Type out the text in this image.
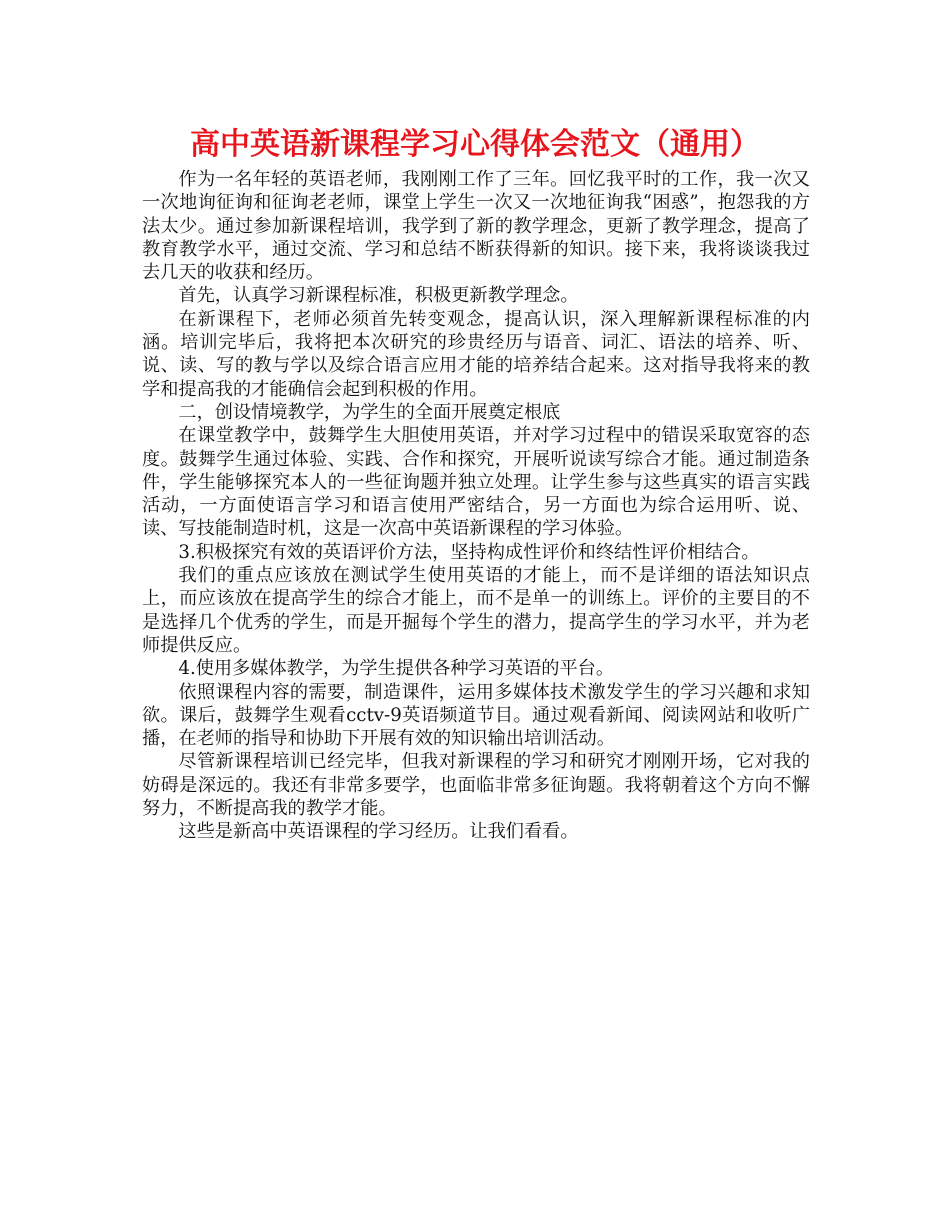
高中英语新课程学习心得体会范文（通用）

作为一名年轻的英语老师，我刚刚工作了三年。回忆我平时的工作，我一次又一次地询征询和征询老老师，课堂上学生一次又一次地征询我“困惑”，抱怨我的方法太少。通过参加新课程培训，我学到了新的教学理念，更新了教学理念，提高了教育教学水平，通过交流、学习和总结不断获得新的知识。接下来，我将谈谈我过去几天的收获和经历。

首先，认真学习新课程标准，积极更新教学理念。

在新课程下，老师必须首先转变观念，提高认识，深入理解新课程标准的内涵。培训完毕后，我将把本次研究的珍贵经历与语音、词汇、语法的培养、听、说、读、写的教与学以及综合语言应用才能的培养结合起来。这对指导我将来的教学和提高我的才能确信会起到积极的作用。

二，创设情境教学，为学生的全面开展奠定根底

在课堂教学中，鼓舞学生大胆使用英语，并对学习过程中的错误采取宽容的态度。鼓舞学生通过体验、实践、合作和探究，开展听说读写综合才能。通过制造条件，学生能够探究本人的一些征询题并独立处理。让学生参与这些真实的语言实践活动，一方面使语言学习和语言使用严密结合，另一方面也为综合运用听、说、读、写技能制造时机，这是一次高中英语新课程的学习体验。

3.积极探究有效的英语评价方法，坚持构成性评价和终结性评价相结合。

我们的重点应该放在测试学生使用英语的才能上，而不是详细的语法知识点上，而应该放在提高学生的综合才能上，而不是单一的训练上。评价的主要目的不是选择几个优秀的学生，而是开掘每个学生的潜力，提高学生的学习水平，并为老师提供反应。

4.使用多媒体教学，为学生提供各种学习英语的平台。

依照课程内容的需要，制造课件，运用多媒体技术激发学生的学习兴趣和求知欲。课后，鼓舞学生观看cctv-9英语频道节目。通过观看新闻、阅读网站和收听广播，在老师的指导和协助下开展有效的知识输出培训活动。

尽管新课程培训已经完毕，但我对新课程的学习和研究才刚刚开场，它对我的妨碍是深远的。我还有非常多要学，也面临非常多征询题。我将朝着这个方向不懈努力，不断提高我的教学才能。

这些是新高中英语课程的学习经历。让我们看看。
